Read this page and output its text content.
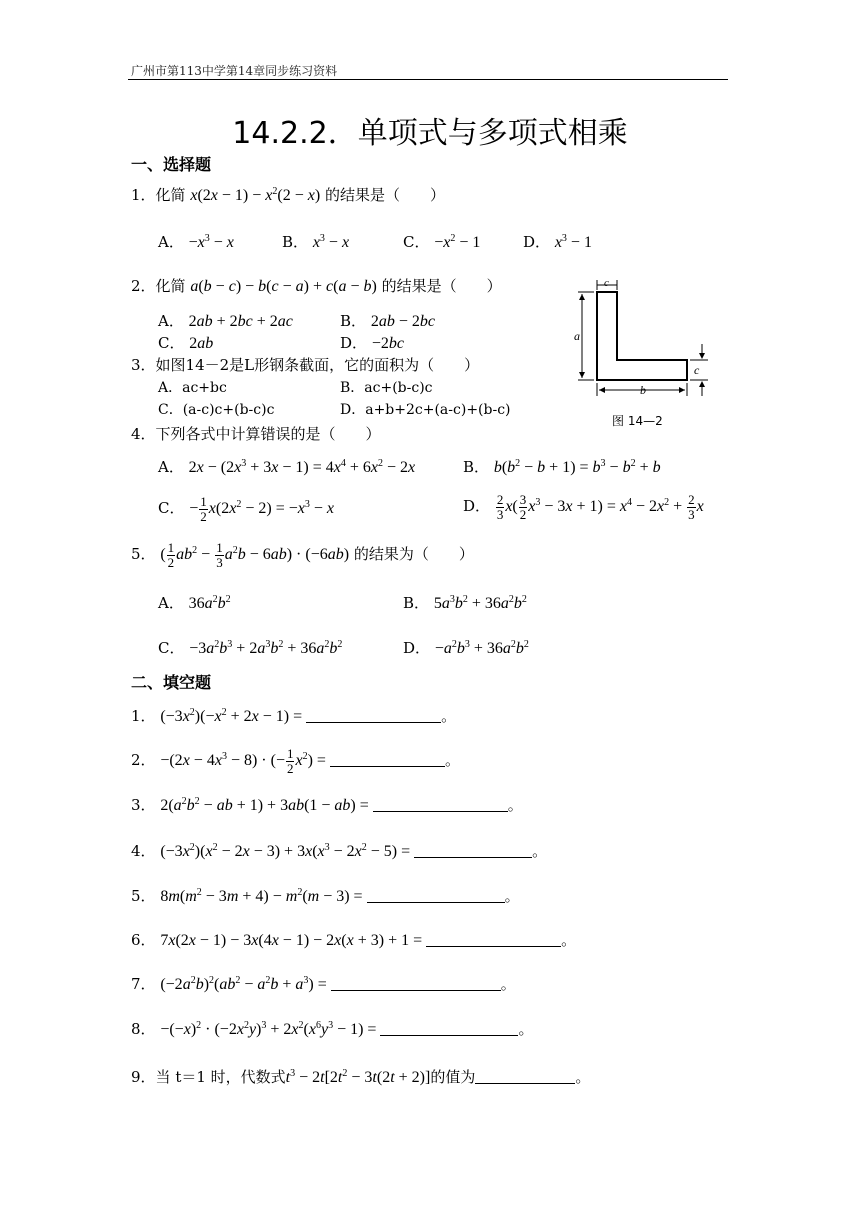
广州市第113中学第14章同步练习资料
14.2.2．单项式与多项式相乘
一、选择题
1．化简 $x(2x - 1) - x^2(2 - x)$ 的结果是（　　）
A． $-x^3 - x$	B． $x^3 - x$	C． $-x^2 - 1$	D． $x^3 - 1$
2．化简 a(b − c) − b(c − a) + c(a − b) 的结果是（　　）
A． 2ab + 2bc + 2ac	B． 2ab − 2bc
C． 2ab	D． −2bc
3．如图14－2是L形钢条截面，它的面积为（　　）
A．ac+bc	B．ac+(b-c)c
C．(a-c)c+(b-c)c	D．a+b+2c+(a-c)+(b-c)
c
a
b
c
图 14—2
4．下列各式中计算错误的是（　　）
A． $2x - (2x^3 + 3x - 1) = 4x^4 + 6x^2 - 2x$	B． $b(b^2 - b + 1) = b^3 - b^2 + b$
C． − $\frac{1}{2} x(2x^2 - 2) = -x^3 - x$	D． $\frac{2}{3} x( \frac{3}{2} x^3 - 3x + 1) = x^4 - 2x^2 + \frac{2}{3}$ x
5． ( $\frac{1}{2} ab^2 - \frac{1}{3} a^2b - 6ab) \cdot (-6ab)$ 的结果为（　　）
A． $36a^2b^2$	B． $5a^3b^2 + 36a^2b^2$
C． $-3a^2b^3 + 2a^3b^2 + 36a^2b^2$	D． $-a^2b^3 + 36a^2b^2$
二、填空题
1． $(-3x^2)(-x^2 + 2x - 1)$ =	。
2． $-(2x - 4x^3 - 8)$ · (− $\frac{1}{2} x^2$) =	。
3． $2(a^2b^2$ − ab + 1) + 3ab(1 − ab) =	。
4． $(-3x^2)(x^2 - 2x - 3) + 3x(x^3 - 2x^2 - 5)$ =	。
5． $8m(m^2 - 3m + 4) - m^2(m - 3)$ =	。
6． 7x(2x − 1) − 3x(4x − 1) − 2x(x + 3) + 1 =	。
7． $(-2a^2b)^2(ab^2 - a^2b + a^3)$ =	。
8． $-(-x)^2 \cdot (-2x^2y)^3 + 2x^2(x^6y^3 - 1)$ =	。
9．当 t＝1 时，代数式$t^3 - 2t[2t^2 - 3t(2t + 2)]$的值为	。
